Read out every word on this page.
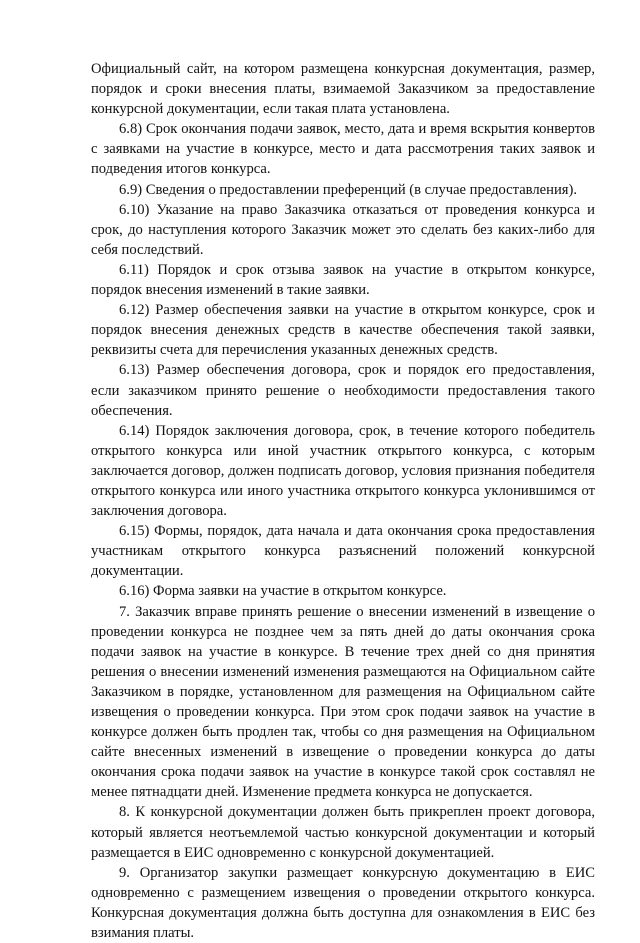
Официальный сайт, на котором размещена конкурсная документация, размер, порядок и сроки внесения платы, взимаемой Заказчиком за предоставление конкурсной документации, если такая плата установлена.

6.8) Срок окончания подачи заявок, место, дата и время вскрытия конвертов с заявками на участие в конкурсе, место и дата рассмотрения таких заявок и подведения итогов конкурса.

6.9) Сведения о предоставлении преференций (в случае предоставления).

6.10) Указание на право Заказчика отказаться от проведения конкурса и срок, до наступления которого Заказчик может это сделать без каких-либо для себя последствий.

6.11) Порядок и срок отзыва заявок на участие в открытом конкурсе, порядок внесения изменений в такие заявки.

6.12) Размер обеспечения заявки на участие в открытом конкурсе, срок и порядок внесения денежных средств в качестве обеспечения такой заявки, реквизиты счета для перечисления указанных денежных средств.

6.13) Размер обеспечения договора, срок и порядок его предоставления, если заказчиком принято решение о необходимости предоставления такого обеспечения.

6.14) Порядок заключения договора, срок, в течение которого победитель открытого конкурса или иной участник открытого конкурса, с которым заключается договор, должен подписать договор, условия признания победителя открытого конкурса или иного участника открытого конкурса уклонившимся от заключения договора.

6.15) Формы, порядок, дата начала и дата окончания срока предоставления участникам открытого конкурса разъяснений положений конкурсной документации.

6.16) Форма заявки на участие в открытом конкурсе.

7. Заказчик вправе принять решение о внесении изменений в извещение о проведении конкурса не позднее чем за пять дней до даты окончания срока подачи заявок на участие в конкурсе. В течение трех дней со дня принятия решения о внесении изменений изменения размещаются на Официальном сайте Заказчиком в порядке, установленном для размещения на Официальном сайте извещения о проведении конкурса. При этом срок подачи заявок на участие в конкурсе должен быть продлен так, чтобы со дня размещения на Официальном сайте внесенных изменений в извещение о проведении конкурса до даты окончания срока подачи заявок на участие в конкурсе такой срок составлял не менее пятнадцати дней. Изменение предмета конкурса не допускается.

8. К конкурсной документации должен быть прикреплен проект договора, который является неотъемлемой частью конкурсной документации и который размещается в ЕИС одновременно с конкурсной документацией.

9. Организатор закупки размещает конкурсную документацию в ЕИС одновременно с размещением извещения о проведении открытого конкурса. Конкурсная документация должна быть доступна для ознакомления в ЕИС без взимания платы.
